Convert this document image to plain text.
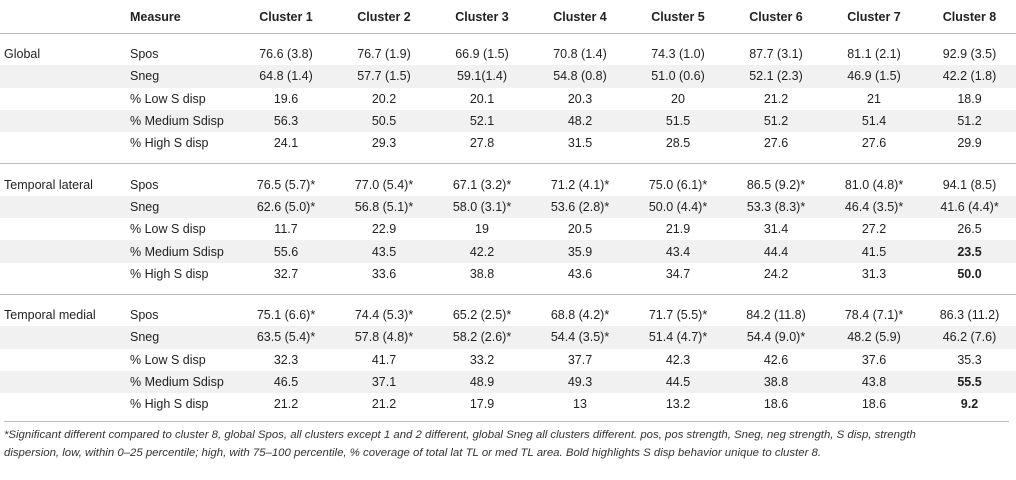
	Measure	Cluster 1	Cluster 2	Cluster 3	Cluster 4	Cluster 5	Cluster 6	Cluster 7	Cluster 8

Global	Spos	76.6 (3.8)	76.7 (1.9)	66.9 (1.5)	70.8 (1.4)	74.3 (1.0)	87.7 (3.1)	81.1 (2.1)	92.9 (3.5)
	Sneg	64.8 (1.4)	57.7 (1.5)	59.1(1.4)	54.8 (0.8)	51.0 (0.6)	52.1 (2.3)	46.9 (1.5)	42.2 (1.8)
	% Low S disp	19.6	20.2	20.1	20.3	20	21.2	21	18.9
	% Medium Sdisp	56.3	50.5	52.1	48.2	51.5	51.2	51.4	51.2
	% High S disp	24.1	29.3	27.8	31.5	28.5	27.6	27.6	29.9

Temporal lateral	Spos	76.5 (5.7)*	77.0 (5.4)*	67.1 (3.2)*	71.2 (4.1)*	75.0 (6.1)*	86.5 (9.2)*	81.0 (4.8)*	94.1 (8.5)
	Sneg	62.6 (5.0)*	56.8 (5.1)*	58.0 (3.1)*	53.6 (2.8)*	50.0 (4.4)*	53.3 (8.3)*	46.4 (3.5)*	41.6 (4.4)*
	% Low S disp	11.7	22.9	19	20.5	21.9	31.4	27.2	26.5
	% Medium Sdisp	55.6	43.5	42.2	35.9	43.4	44.4	41.5	23.5
	% High S disp	32.7	33.6	38.8	43.6	34.7	24.2	31.3	50.0

Temporal medial	Spos	75.1 (6.6)*	74.4 (5.3)*	65.2 (2.5)*	68.8 (4.2)*	71.7 (5.5)*	84.2 (11.8)	78.4 (7.1)*	86.3 (11.2)
	Sneg	63.5 (5.4)*	57.8 (4.8)*	58.2 (2.6)*	54.4 (3.5)*	51.4 (4.7)*	54.4 (9.0)*	48.2 (5.9)	46.2 (7.6)
	% Low S disp	32.3	41.7	33.2	37.7	42.3	42.6	37.6	35.3
	% Medium Sdisp	46.5	37.1	48.9	49.3	44.5	38.8	43.8	55.5
	% High S disp	21.2	21.2	17.9	13	13.2	18.6	18.6	9.2
*Significant different compared to cluster 8, global Spos, all clusters except 1 and 2 different, global Sneg all clusters different. pos, pos strength, Sneg, neg strength, S disp, strength
dispersion, low, within 0–25 percentile; high, with 75–100 percentile, % coverage of total lat TL or med TL area. Bold highlights S disp behavior unique to cluster 8.
